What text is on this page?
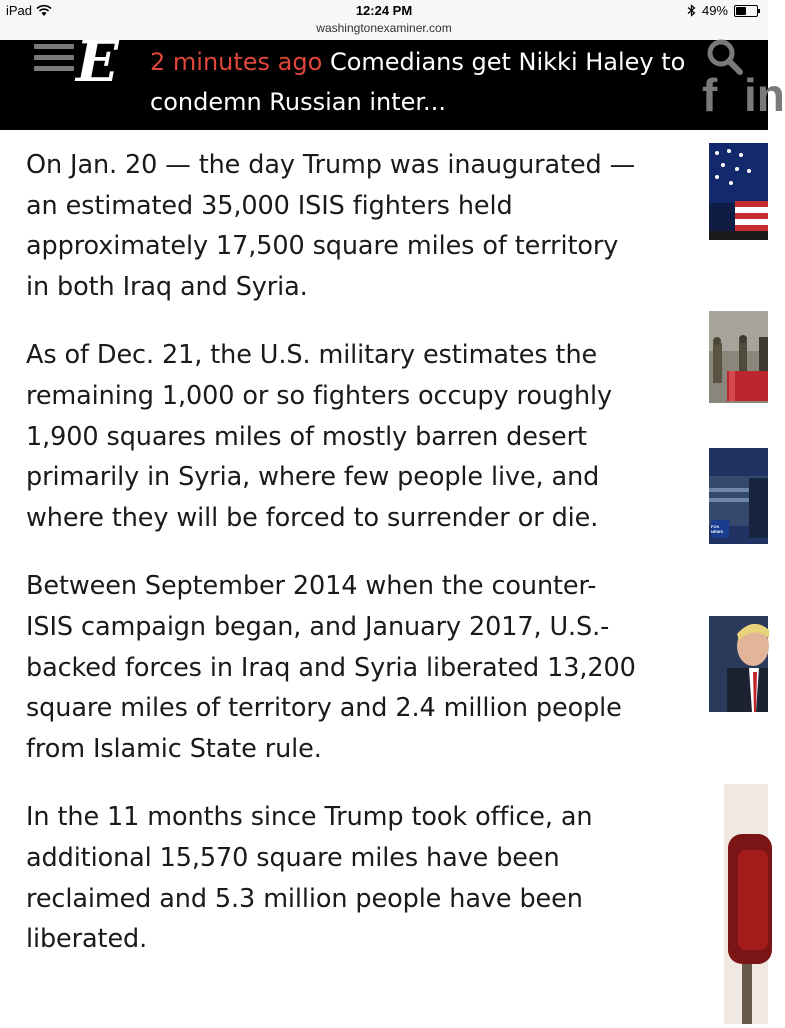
iPad	12:24 PM
washingtonexaminer.com
49%
E 2 minutes ago Comedians get Nikki Haley to condemn Russian inter...	f in

On Jan. 20 — the day Trump was inaugurated — an estimated 35,000 ISIS fighters held approximately 17,500 square miles of territory in both Iraq and Syria.

As of Dec. 21, the U.S. military estimates the remaining 1,000 or so fighters occupy roughly 1,900 squares miles of mostly barren desert primarily in Syria, where few people live, and where they will be forced to surrender or die.

Between September 2014 when the counter-ISIS campaign began, and January 2017, U.S.-backed forces in Iraq and Syria liberated 13,200 square miles of territory and 2.4 million people from Islamic State rule.

In the 11 months since Trump took office, an additional 15,570 square miles have been reclaimed and 5.3 million people have been liberated.

FOX NEWS
